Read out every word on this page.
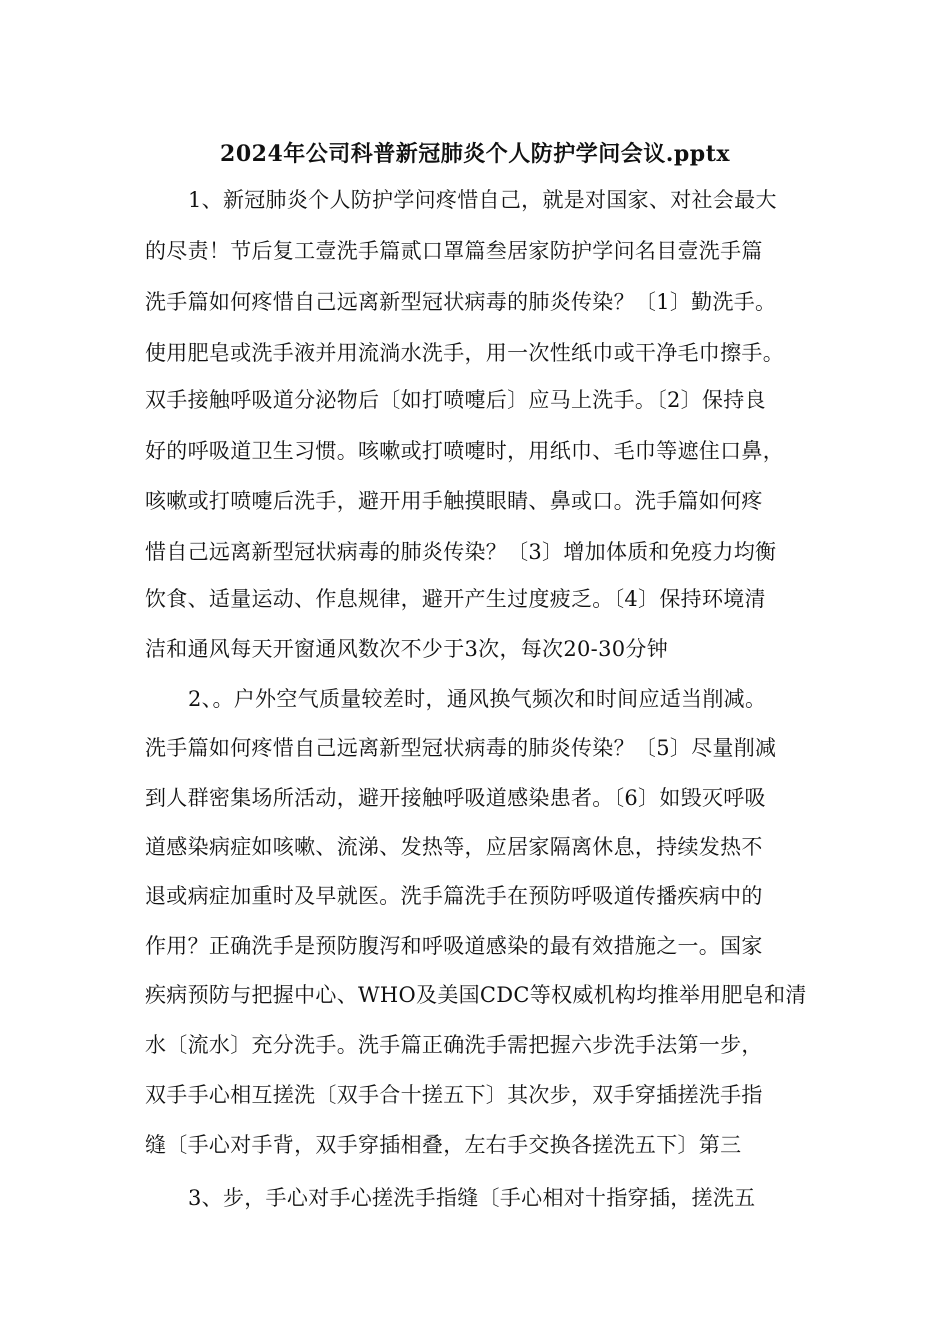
2024年公司科普新冠肺炎个人防护学问会议.pptx
1、新冠肺炎个人防护学问疼惜自己，就是对国家、对社会最大
的尽责！节后复工壹洗手篇贰口罩篇叁居家防护学问名目壹洗手篇
洗手篇如何疼惜自己远离新型冠状病毒的肺炎传染？〔1〕勤洗手。
使用肥皂或洗手液并用流淌水洗手，用一次性纸巾或干净毛巾擦手。
双手接触呼吸道分泌物后〔如打喷嚏后〕应马上洗手。〔2〕保持良
好的呼吸道卫生习惯。咳嗽或打喷嚏时，用纸巾、毛巾等遮住口鼻，
咳嗽或打喷嚏后洗手，避开用手触摸眼睛、鼻或口。洗手篇如何疼
惜自己远离新型冠状病毒的肺炎传染？〔3〕增加体质和免疫力均衡
饮食、适量运动、作息规律，避开产生过度疲乏。〔4〕保持环境清
洁和通风每天开窗通风数次不少于3次，每次20-30分钟
2、。户外空气质量较差时，通风换气频次和时间应适当削减。
洗手篇如何疼惜自己远离新型冠状病毒的肺炎传染？〔5〕尽量削减
到人群密集场所活动，避开接触呼吸道感染患者。〔6〕如毁灭呼吸
道感染病症如咳嗽、流涕、发热等，应居家隔离休息，持续发热不
退或病症加重时及早就医。洗手篇洗手在预防呼吸道传播疾病中的
作用？正确洗手是预防腹泻和呼吸道感染的最有效措施之一。国家
疾病预防与把握中心、WHO及美国CDC等权威机构均推举用肥皂和清
水〔流水〕充分洗手。洗手篇正确洗手需把握六步洗手法第一步，
双手手心相互搓洗〔双手合十搓五下〕其次步，双手穿插搓洗手指
缝〔手心对手背，双手穿插相叠，左右手交换各搓洗五下〕第三
3、步，手心对手心搓洗手指缝〔手心相对十指穿插，搓洗五
